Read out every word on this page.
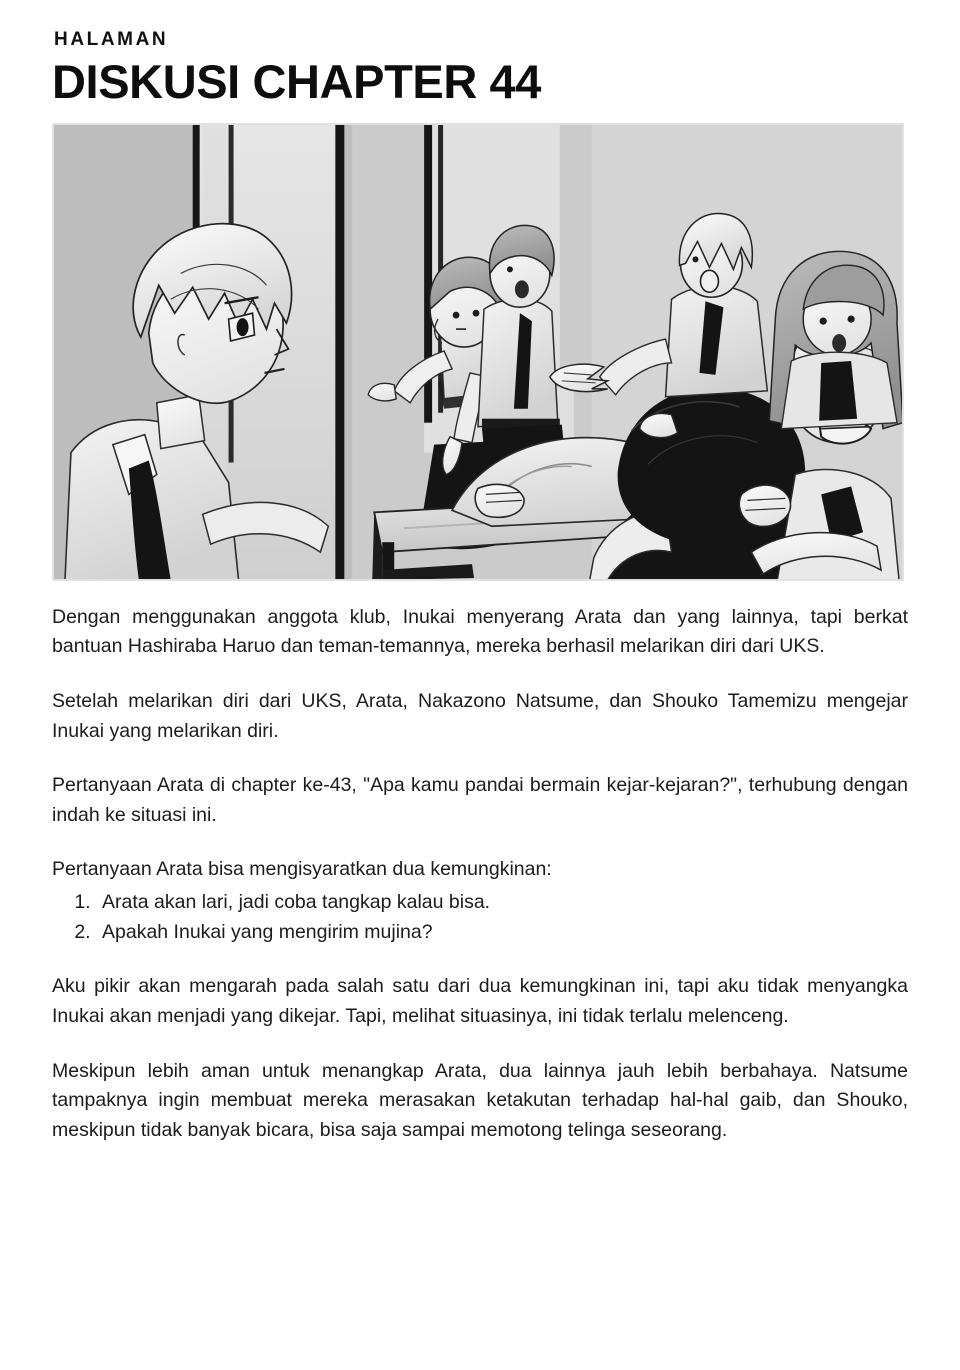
HALAMAN
DISKUSI CHAPTER 44

Dengan menggunakan anggota klub, Inukai menyerang Arata dan yang lainnya, tapi berkat bantuan Hashiraba Haruo dan teman-temannya, mereka berhasil melarikan diri dari UKS.

Setelah melarikan diri dari UKS, Arata, Nakazono Natsume, dan Shouko Tamemizu mengejar Inukai yang melarikan diri.

Pertanyaan Arata di chapter ke-43, "Apa kamu pandai bermain kejar-kejaran?", terhubung dengan indah ke situasi ini.

Pertanyaan Arata bisa mengisyaratkan dua kemungkinan:

1. Arata akan lari, jadi coba tangkap kalau bisa.
2. Apakah Inukai yang mengirim mujina?

Aku pikir akan mengarah pada salah satu dari dua kemungkinan ini, tapi aku tidak menyangka Inukai akan menjadi yang dikejar. Tapi, melihat situasinya, ini tidak terlalu melenceng.

Meskipun lebih aman untuk menangkap Arata, dua lainnya jauh lebih berbahaya. Natsume tampaknya ingin membuat mereka merasakan ketakutan terhadap hal-hal gaib, dan Shouko, meskipun tidak banyak bicara, bisa saja sampai memotong telinga seseorang.
